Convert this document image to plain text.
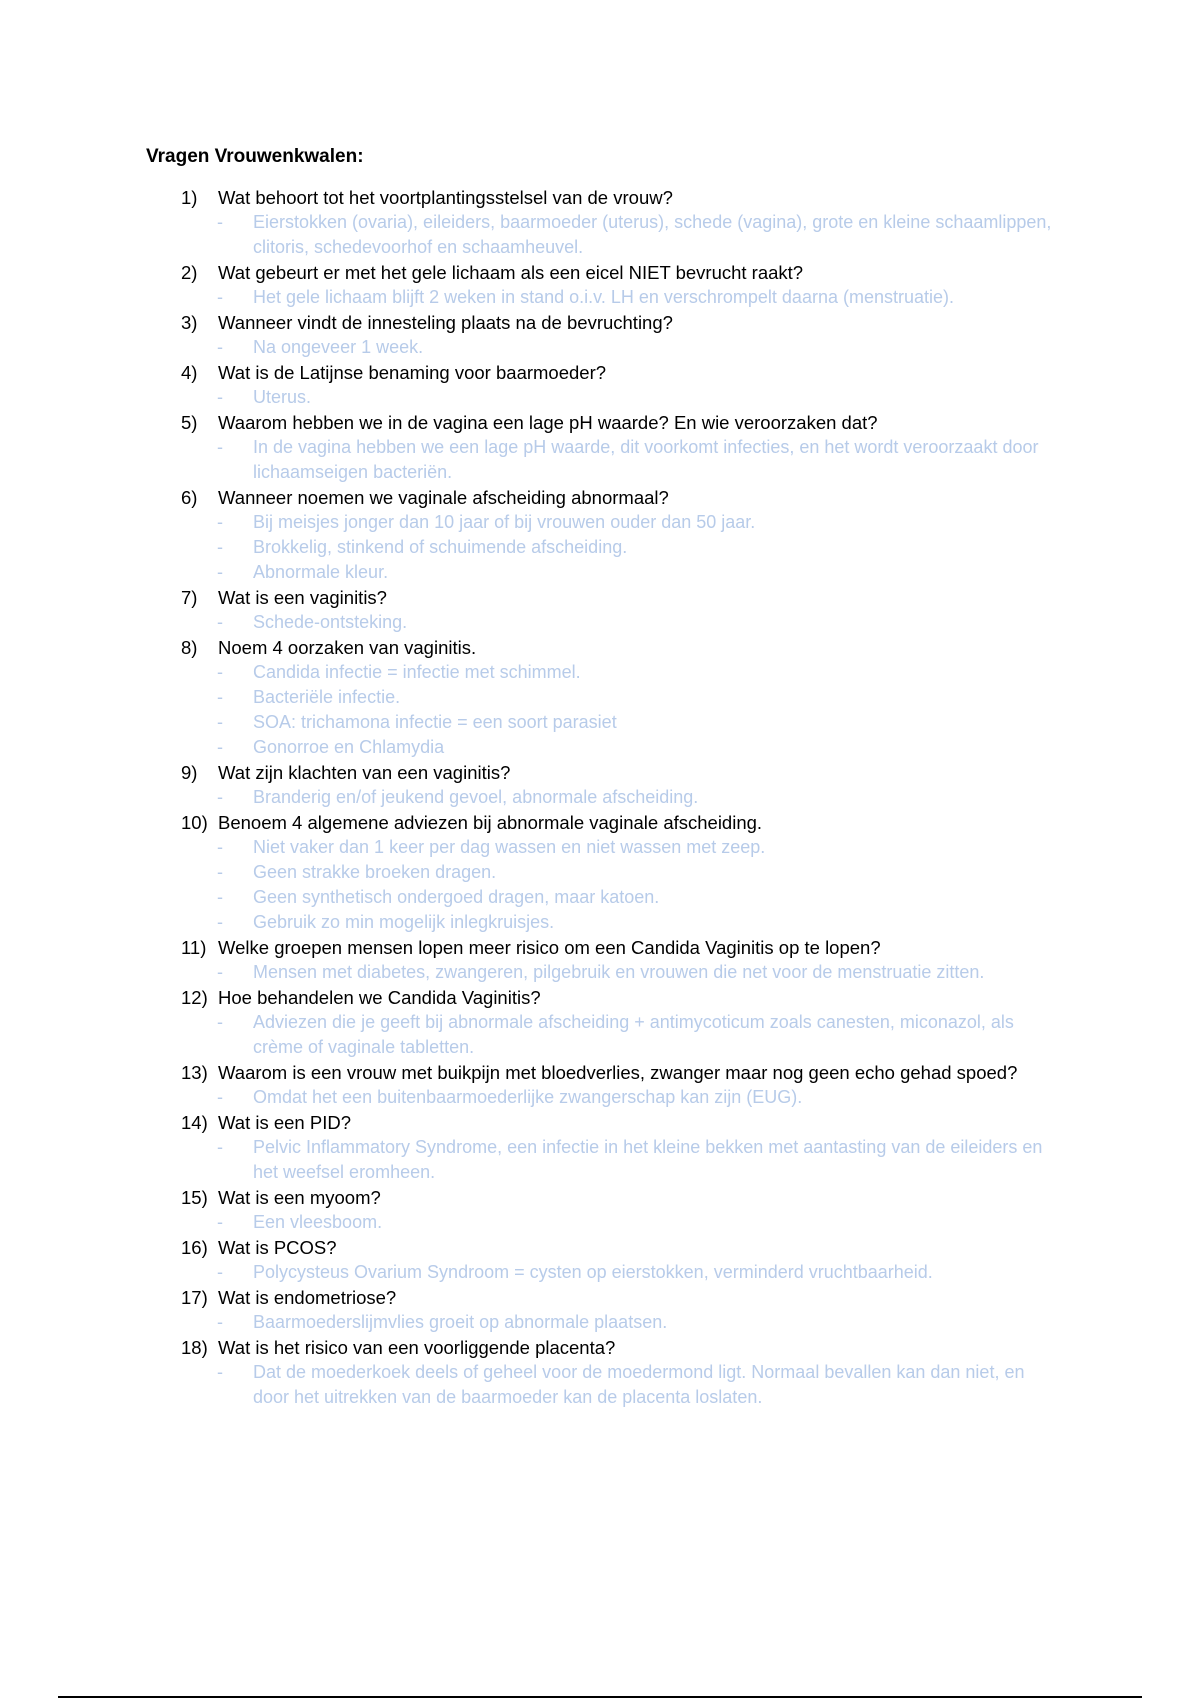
Vragen Vrouwenkwalen:
1) Wat behoort tot het voortplantingsstelsel van de vrouw?
- Eierstokken (ovaria), eileiders, baarmoeder (uterus), schede (vagina), grote en kleine schaamlippen, clitoris, schedevoorhof en schaamheuvel.
2) Wat gebeurt er met het gele lichaam als een eicel NIET bevrucht raakt?
- Het gele lichaam blijft 2 weken in stand o.i.v. LH en verschrompelt daarna (menstruatie).
3) Wanneer vindt de innesteling plaats na de bevruchting?
- Na ongeveer 1 week.
4) Wat is de Latijnse benaming voor baarmoeder?
- Uterus.
5) Waarom hebben we in de vagina een lage pH waarde? En wie veroorzaken dat?
- In de vagina hebben we een lage pH waarde, dit voorkomt infecties, en het wordt veroorzaakt door lichaamseigen bacteriën.
6) Wanneer noemen we vaginale afscheiding abnormaal?
- Bij meisjes jonger dan 10 jaar of bij vrouwen ouder dan 50 jaar.
- Brokkelig, stinkend of schuimende afscheiding.
- Abnormale kleur.
7) Wat is een vaginitis?
- Schede-ontsteking.
8) Noem 4 oorzaken van vaginitis.
- Candida infectie = infectie met schimmel.
- Bacteriële infectie.
- SOA: trichamona infectie = een soort parasiet
- Gonorroe en Chlamydia
9) Wat zijn klachten van een vaginitis?
- Branderig en/of jeukend gevoel, abnormale afscheiding.
10) Benoem 4 algemene adviezen bij abnormale vaginale afscheiding.
- Niet vaker dan 1 keer per dag wassen en niet wassen met zeep.
- Geen strakke broeken dragen.
- Geen synthetisch ondergoed dragen, maar katoen.
- Gebruik zo min mogelijk inlegkruisjes.
11) Welke groepen mensen lopen meer risico om een Candida Vaginitis op te lopen?
- Mensen met diabetes, zwangeren, pilgebruik en vrouwen die net voor de menstruatie zitten.
12) Hoe behandelen we Candida Vaginitis?
- Adviezen die je geeft bij abnormale afscheiding + antimycoticum zoals canesten, miconazol, als crème of vaginale tabletten.
13) Waarom is een vrouw met buikpijn met bloedverlies, zwanger maar nog geen echo gehad spoed?
- Omdat het een buitenbaarmoederlijke zwangerschap kan zijn (EUG).
14) Wat is een PID?
- Pelvic Inflammatory Syndrome, een infectie in het kleine bekken met aantasting van de eileiders en het weefsel eromheen.
15) Wat is een myoom?
- Een vleesboom.
16) Wat is PCOS?
- Polycysteus Ovarium Syndroom = cysten op eierstokken, verminderd vruchtbaarheid.
17) Wat is endometriose?
- Baarmoederslijmvlies groeit op abnormale plaatsen.
18) Wat is het risico van een voorliggende placenta?
- Dat de moederkoek deels of geheel voor de moedermond ligt. Normaal bevallen kan dan niet, en door het uitrekken van de baarmoeder kan de placenta loslaten.
